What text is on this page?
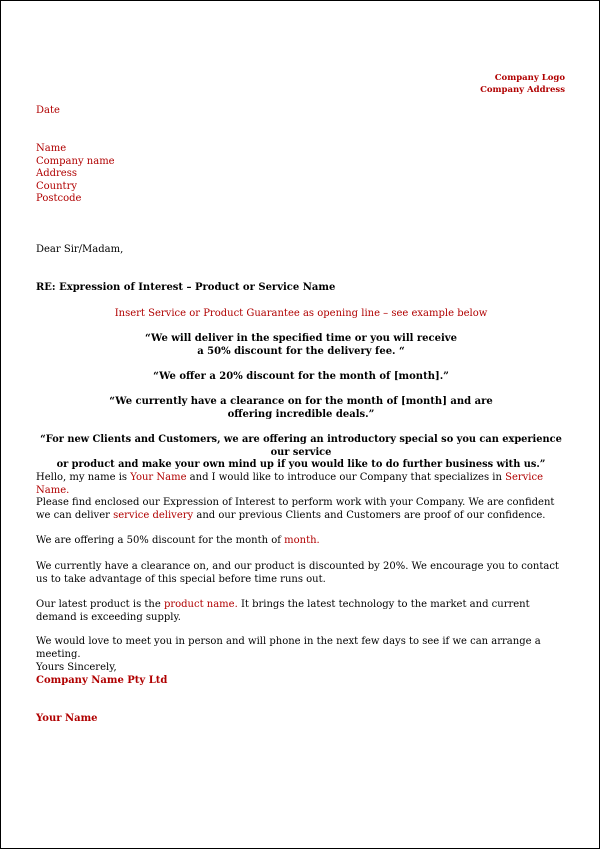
Company Logo
Company Address
Date
Name
Company name
Address
Country
Postcode
Dear Sir/Madam,
RE: Expression of Interest – Product or Service Name
Insert Service or Product Guarantee as opening line – see example below
“We will deliver in the specified time or you will receive
a 50% discount for the delivery fee. “
“We offer a 20% discount for the month of [month].”
“We currently have a clearance on for the month of [month] and are
offering incredible deals.”
“For new Clients and Customers, we are offering an introductory special so you can experience our service
or product and make your own mind up if you would like to do further business with us.”
Hello, my name is Your Name and I would like to introduce our Company that specializes in Service Name.
Please find enclosed our Expression of Interest to perform work with your Company. We are confident we can deliver service delivery and our previous Clients and Customers are proof of our confidence.
We are offering a 50% discount for the month of month.
We currently have a clearance on, and our product is discounted by 20%. We encourage you to contact us to take advantage of this special before time runs out.
Our latest product is the product name. It brings the latest technology to the market and current demand is exceeding supply.
We would love to meet you in person and will phone in the next few days to see if we can arrange a meeting.
Yours Sincerely,
Company Name Pty Ltd
Your Name
